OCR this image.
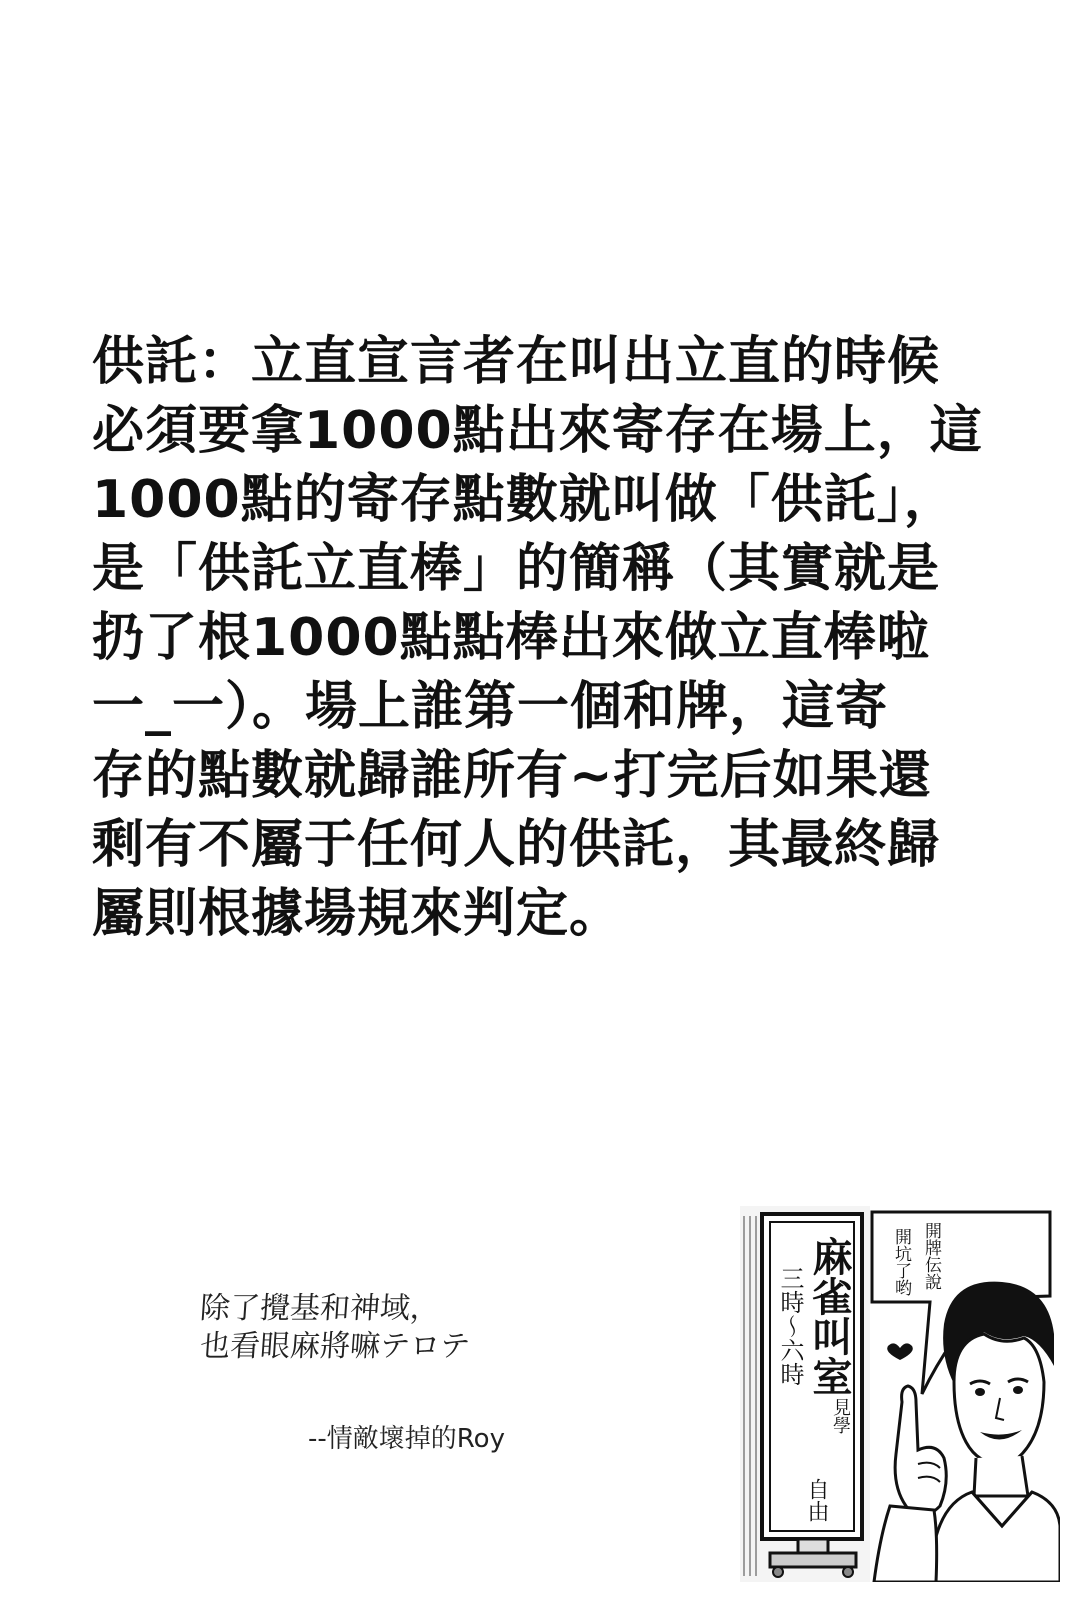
供託：立直宣言者在叫出立直的時候
必須要拿1000點出來寄存在場上，這
1000點的寄存點數就叫做「供託」，
是「供託立直棒」的簡稱（其實就是
扔了根1000點點棒出來做立直棒啦
一_一）。場上誰第一個和牌，這寄
存的點數就歸誰所有~打完后如果還
剩有不屬于任何人的供託，其最終歸
屬則根據場規來判定。
除了攪基和神域，
也看眼麻將嘛テロテ
--情敵壞掉的Roy
麻雀叫室
三時～六時
見學
自由
開牌伝說
開坑了哟
